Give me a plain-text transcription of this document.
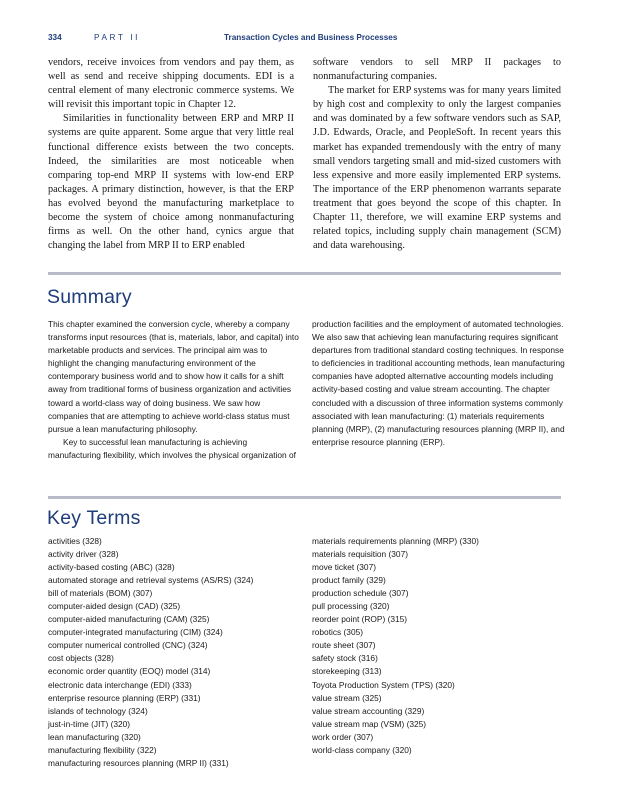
334	PART II	Transaction Cycles and Business Processes

vendors, receive invoices from vendors and pay them, as well as send and receive shipping documents. EDI is a central element of many electronic commerce systems. We will revisit this important topic in Chapter 12.

Similarities in functionality between ERP and MRP II systems are quite apparent. Some argue that very little real functional difference exists between the two concepts. Indeed, the similarities are most noticeable when comparing top-end MRP II systems with low-end ERP packages. A primary distinction, however, is that the ERP has evolved beyond the manufacturing marketplace to become the system of choice among nonmanufacturing firms as well. On the other hand, cynics argue that changing the label from MRP II to ERP enabled

software vendors to sell MRP II packages to nonmanufacturing companies.

The market for ERP systems was for many years limited by high cost and complexity to only the largest companies and was dominated by a few software vendors such as SAP, J.D. Edwards, Oracle, and PeopleSoft. In recent years this market has expanded tremendously with the entry of many small vendors targeting small and mid-sized customers with less expensive and more easily implemented ERP systems. The importance of the ERP phenomenon warrants separate treatment that goes beyond the scope of this chapter. In Chapter 11, therefore, we will examine ERP systems and related topics, including supply chain management (SCM) and data warehousing.

Summary

This chapter examined the conversion cycle, whereby a company transforms input resources (that is, materials, labor, and capital) into marketable products and services. The principal aim was to highlight the changing manufacturing environment of the contemporary business world and to show how it calls for a shift away from traditional forms of business organization and activities toward a world-class way of doing business. We saw how companies that are attempting to achieve world-class status must pursue a lean manufacturing philosophy.

Key to successful lean manufacturing is achieving manufacturing flexibility, which involves the physical organization of

production facilities and the employment of automated technologies. We also saw that achieving lean manufacturing requires significant departures from traditional standard costing techniques. In response to deficiencies in traditional accounting methods, lean manufacturing companies have adopted alternative accounting models including activity-based costing and value stream accounting. The chapter concluded with a discussion of three information systems commonly associated with lean manufacturing: (1) materials requirements planning (MRP), (2) manufacturing resources planning (MRP II), and enterprise resource planning (ERP).

Key Terms
activities (328)
activity driver (328)
activity-based costing (ABC) (328)
automated storage and retrieval systems (AS/RS) (324)
bill of materials (BOM) (307)
computer-aided design (CAD) (325)
computer-aided manufacturing (CAM) (325)
computer-integrated manufacturing (CIM) (324)
computer numerical controlled (CNC) (324)
cost objects (328)
economic order quantity (EOQ) model (314)
electronic data interchange (EDI) (333)
enterprise resource planning (ERP) (331)
islands of technology (324)
just-in-time (JIT) (320)
lean manufacturing (320)
manufacturing flexibility (322)
manufacturing resources planning (MRP II) (331)
materials requirements planning (MRP) (330)
materials requisition (307)
move ticket (307)
product family (329)
production schedule (307)
pull processing (320)
reorder point (ROP) (315)
robotics (305)
route sheet (307)
safety stock (316)
storekeeping (313)
Toyota Production System (TPS) (320)
value stream (325)
value stream accounting (329)
value stream map (VSM) (325)
work order (307)
world-class company (320)
